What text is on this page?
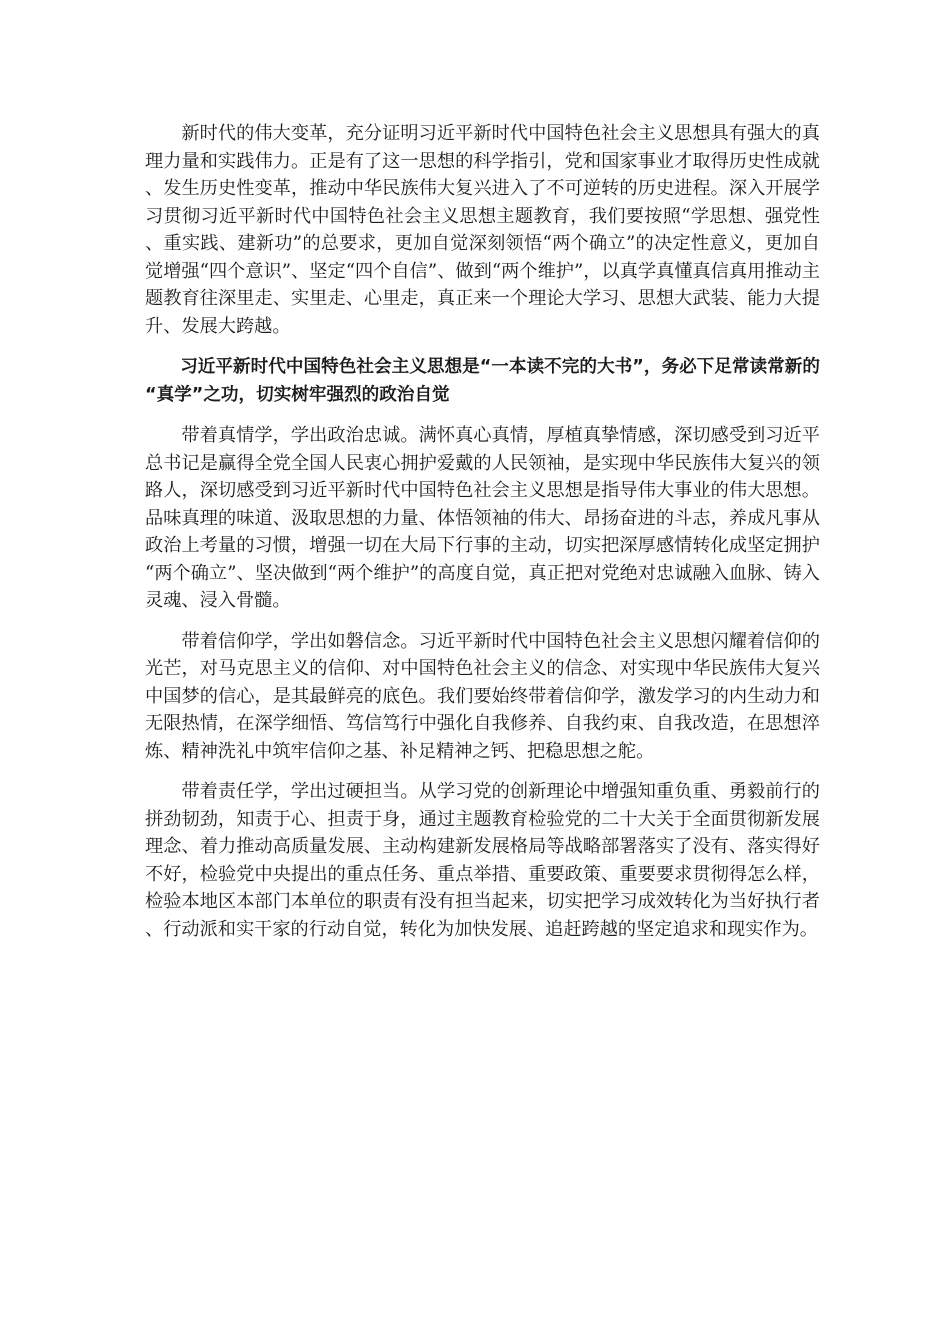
新时代的伟大变革，充分证明习近平新时代中国特色社会主义思想具有强大的真理力量和实践伟力。正是有了这一思想的科学指引，党和国家事业才取得历史性成就、发生历史性变革，推动中华民族伟大复兴进入了不可逆转的历史进程。深入开展学习贯彻习近平新时代中国特色社会主义思想主题教育，我们要按照“学思想、强党性、重实践、建新功”的总要求，更加自觉深刻领悟“两个确立”的决定性意义，更加自觉增强“四个意识”、坚定“四个自信”、做到“两个维护”，以真学真懂真信真用推动主题教育往深里走、实里走、心里走，真正来一个理论大学习、思想大武装、能力大提升、发展大跨越。

习近平新时代中国特色社会主义思想是“一本读不完的大书”，务必下足常读常新的“真学”之功，切实树牢强烈的政治自觉

带着真情学，学出政治忠诚。满怀真心真情，厚植真挚情感，深切感受到习近平总书记是赢得全党全国人民衷心拥护爱戴的人民领袖，是实现中华民族伟大复兴的领路人，深切感受到习近平新时代中国特色社会主义思想是指导伟大事业的伟大思想。品味真理的味道、汲取思想的力量、体悟领袖的伟大、昂扬奋进的斗志，养成凡事从政治上考量的习惯，增强一切在大局下行事的主动，切实把深厚感情转化成坚定拥护“两个确立”、坚决做到“两个维护”的高度自觉，真正把对党绝对忠诚融入血脉、铸入灵魂、浸入骨髓。

带着信仰学，学出如磐信念。习近平新时代中国特色社会主义思想闪耀着信仰的光芒，对马克思主义的信仰、对中国特色社会主义的信念、对实现中华民族伟大复兴中国梦的信心，是其最鲜亮的底色。我们要始终带着信仰学，激发学习的内生动力和无限热情，在深学细悟、笃信笃行中强化自我修养、自我约束、自我改造，在思想淬炼、精神洗礼中筑牢信仰之基、补足精神之钙、把稳思想之舵。

带着责任学，学出过硬担当。从学习党的创新理论中增强知重负重、勇毅前行的拼劲韧劲，知责于心、担责于身，通过主题教育检验党的二十大关于全面贯彻新发展理念、着力推动高质量发展、主动构建新发展格局等战略部署落实了没有、落实得好不好，检验党中央提出的重点任务、重点举措、重要政策、重要要求贯彻得怎么样，检验本地区本部门本单位的职责有没有担当起来，切实把学习成效转化为当好执行者、行动派和实干家的行动自觉，转化为加快发展、追赶跨越的坚定追求和现实作为。
